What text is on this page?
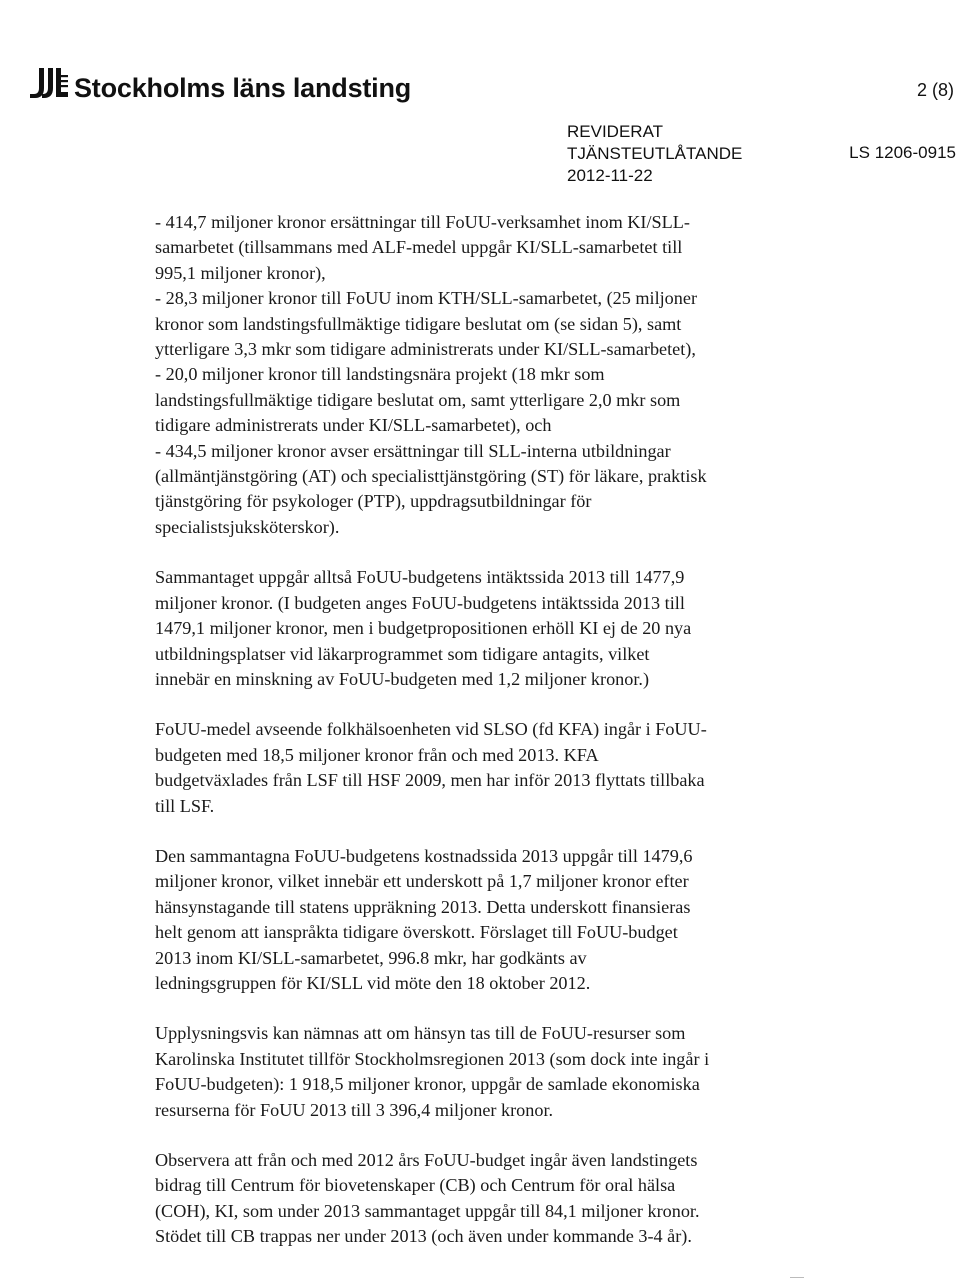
Stockholms läns landsting	2 (8)
REVIDERAT
TJÄNSTEUTLÅTANDE
2012-11-22
LS 1206-0915
- 414,7 miljoner kronor ersättningar till FoUU-verksamhet inom KI/SLL-
samarbetet (tillsammans med ALF-medel uppgår KI/SLL-samarbetet till
995,1 miljoner kronor),
- 28,3 miljoner kronor till FoUU inom KTH/SLL-samarbetet, (25 miljoner
kronor som landstingsfullmäktige tidigare beslutat om (se sidan 5), samt
ytterligare 3,3 mkr som tidigare administrerats under KI/SLL-samarbetet),
- 20,0 miljoner kronor till landstingsnära projekt (18 mkr som
landstingsfullmäktige tidigare beslutat om, samt ytterligare 2,0 mkr som
tidigare administrerats under KI/SLL-samarbetet), och
- 434,5 miljoner kronor avser ersättningar till SLL-interna utbildningar
(allmäntjänstgöring (AT) och specialisttjänstgöring (ST) för läkare, praktisk
tjänstgöring för psykologer (PTP), uppdragsutbildningar för
specialistsjuksköterskor).
Sammantaget uppgår alltså FoUU-budgetens intäktssida 2013 till 1477,9
miljoner kronor. (I budgeten anges FoUU-budgetens intäktssida 2013 till
1479,1 miljoner kronor, men i budgetpropositionen erhöll KI ej de 20 nya
utbildningsplatser vid läkarprogrammet som tidigare antagits, vilket
innebär en minskning av FoUU-budgeten med 1,2 miljoner kronor.)
FoUU-medel avseende folkhälsoenheten vid SLSO (fd KFA) ingår i FoUU-
budgeten med 18,5 miljoner kronor från och med 2013. KFA
budgetväxlades från LSF till HSF 2009, men har inför 2013 flyttats tillbaka
till LSF.
Den sammantagna FoUU-budgetens kostnadssida 2013 uppgår till 1479,6
miljoner kronor, vilket innebär ett underskott på 1,7 miljoner kronor efter
hänsynstagande till statens uppräkning 2013. Detta underskott finansieras
helt genom att ianspråkta tidigare överskott. Förslaget till FoUU-budget
2013 inom KI/SLL-samarbetet, 996.8 mkr, har godkänts av
ledningsgruppen för KI/SLL vid möte den 18 oktober 2012.
Upplysningsvis kan nämnas att om hänsyn tas till de FoUU-resurser som
Karolinska Institutet tillför Stockholmsregionen 2013 (som dock inte ingår i
FoUU-budgeten): 1 918,5 miljoner kronor, uppgår de samlade ekonomiska
resurserna för FoUU 2013 till 3 396,4 miljoner kronor.
Observera att från och med 2012 års FoUU-budget ingår även landstingets
bidrag till Centrum för biovetenskaper (CB) och Centrum för oral hälsa
(COH), KI, som under 2013 sammantaget uppgår till 84,1 miljoner kronor.
Stödet till CB trappas ner under 2013 (och även under kommande 3-4 år).
